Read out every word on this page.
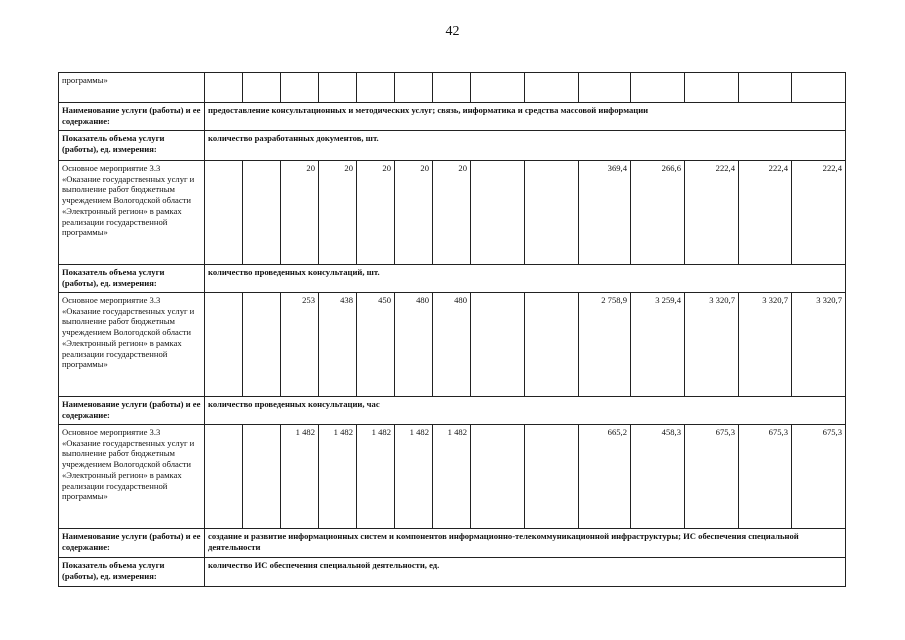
42
программы»														
Наименование услуги (работы) и ее содержание:	предоставление консультационных и методических услуг; связь, информатика и средства массовой информации													
Показатель объема услуги (работы), ед. измерения:	количество разработанных документов, шт.													
Основное мероприятие 3.3 «Оказание государственных услуг и выполнение работ бюджетным учреждением Вологодской области «Электронный регион» в рамках реализации государственной программы»			20	20	20	20	20			369,4	266,6	222,4	222,4	222,4
Показатель объема услуги (работы), ед. измерения:	количество проведенных консультаций, шт.													
Основное мероприятие 3.3 «Оказание государственных услуг и выполнение работ бюджетным учреждением Вологодской области «Электронный регион» в рамках реализации государственной программы»			253	438	450	480	480			2 758,9	3 259,4	3 320,7	3 320,7	3 320,7
Наименование услуги (работы) и ее содержание:	количество проведенных консультации, час													
Основное мероприятие 3.3 «Оказание государственных услуг и выполнение работ бюджетным учреждением Вологодской области «Электронный регион» в рамках реализации государственной программы»			1 482	1 482	1 482	1 482	1 482			665,2	458,3	675,3	675,3	675,3
Наименование услуги (работы) и ее содержание:	создание и развитие информационных систем и компонентов информационно-телекоммуникационной инфраструктуры; ИС обеспечения специальной деятельности													
Показатель объема услуги (работы), ед. измерения:	количество ИС обеспечения специальной деятельности, ед.													
